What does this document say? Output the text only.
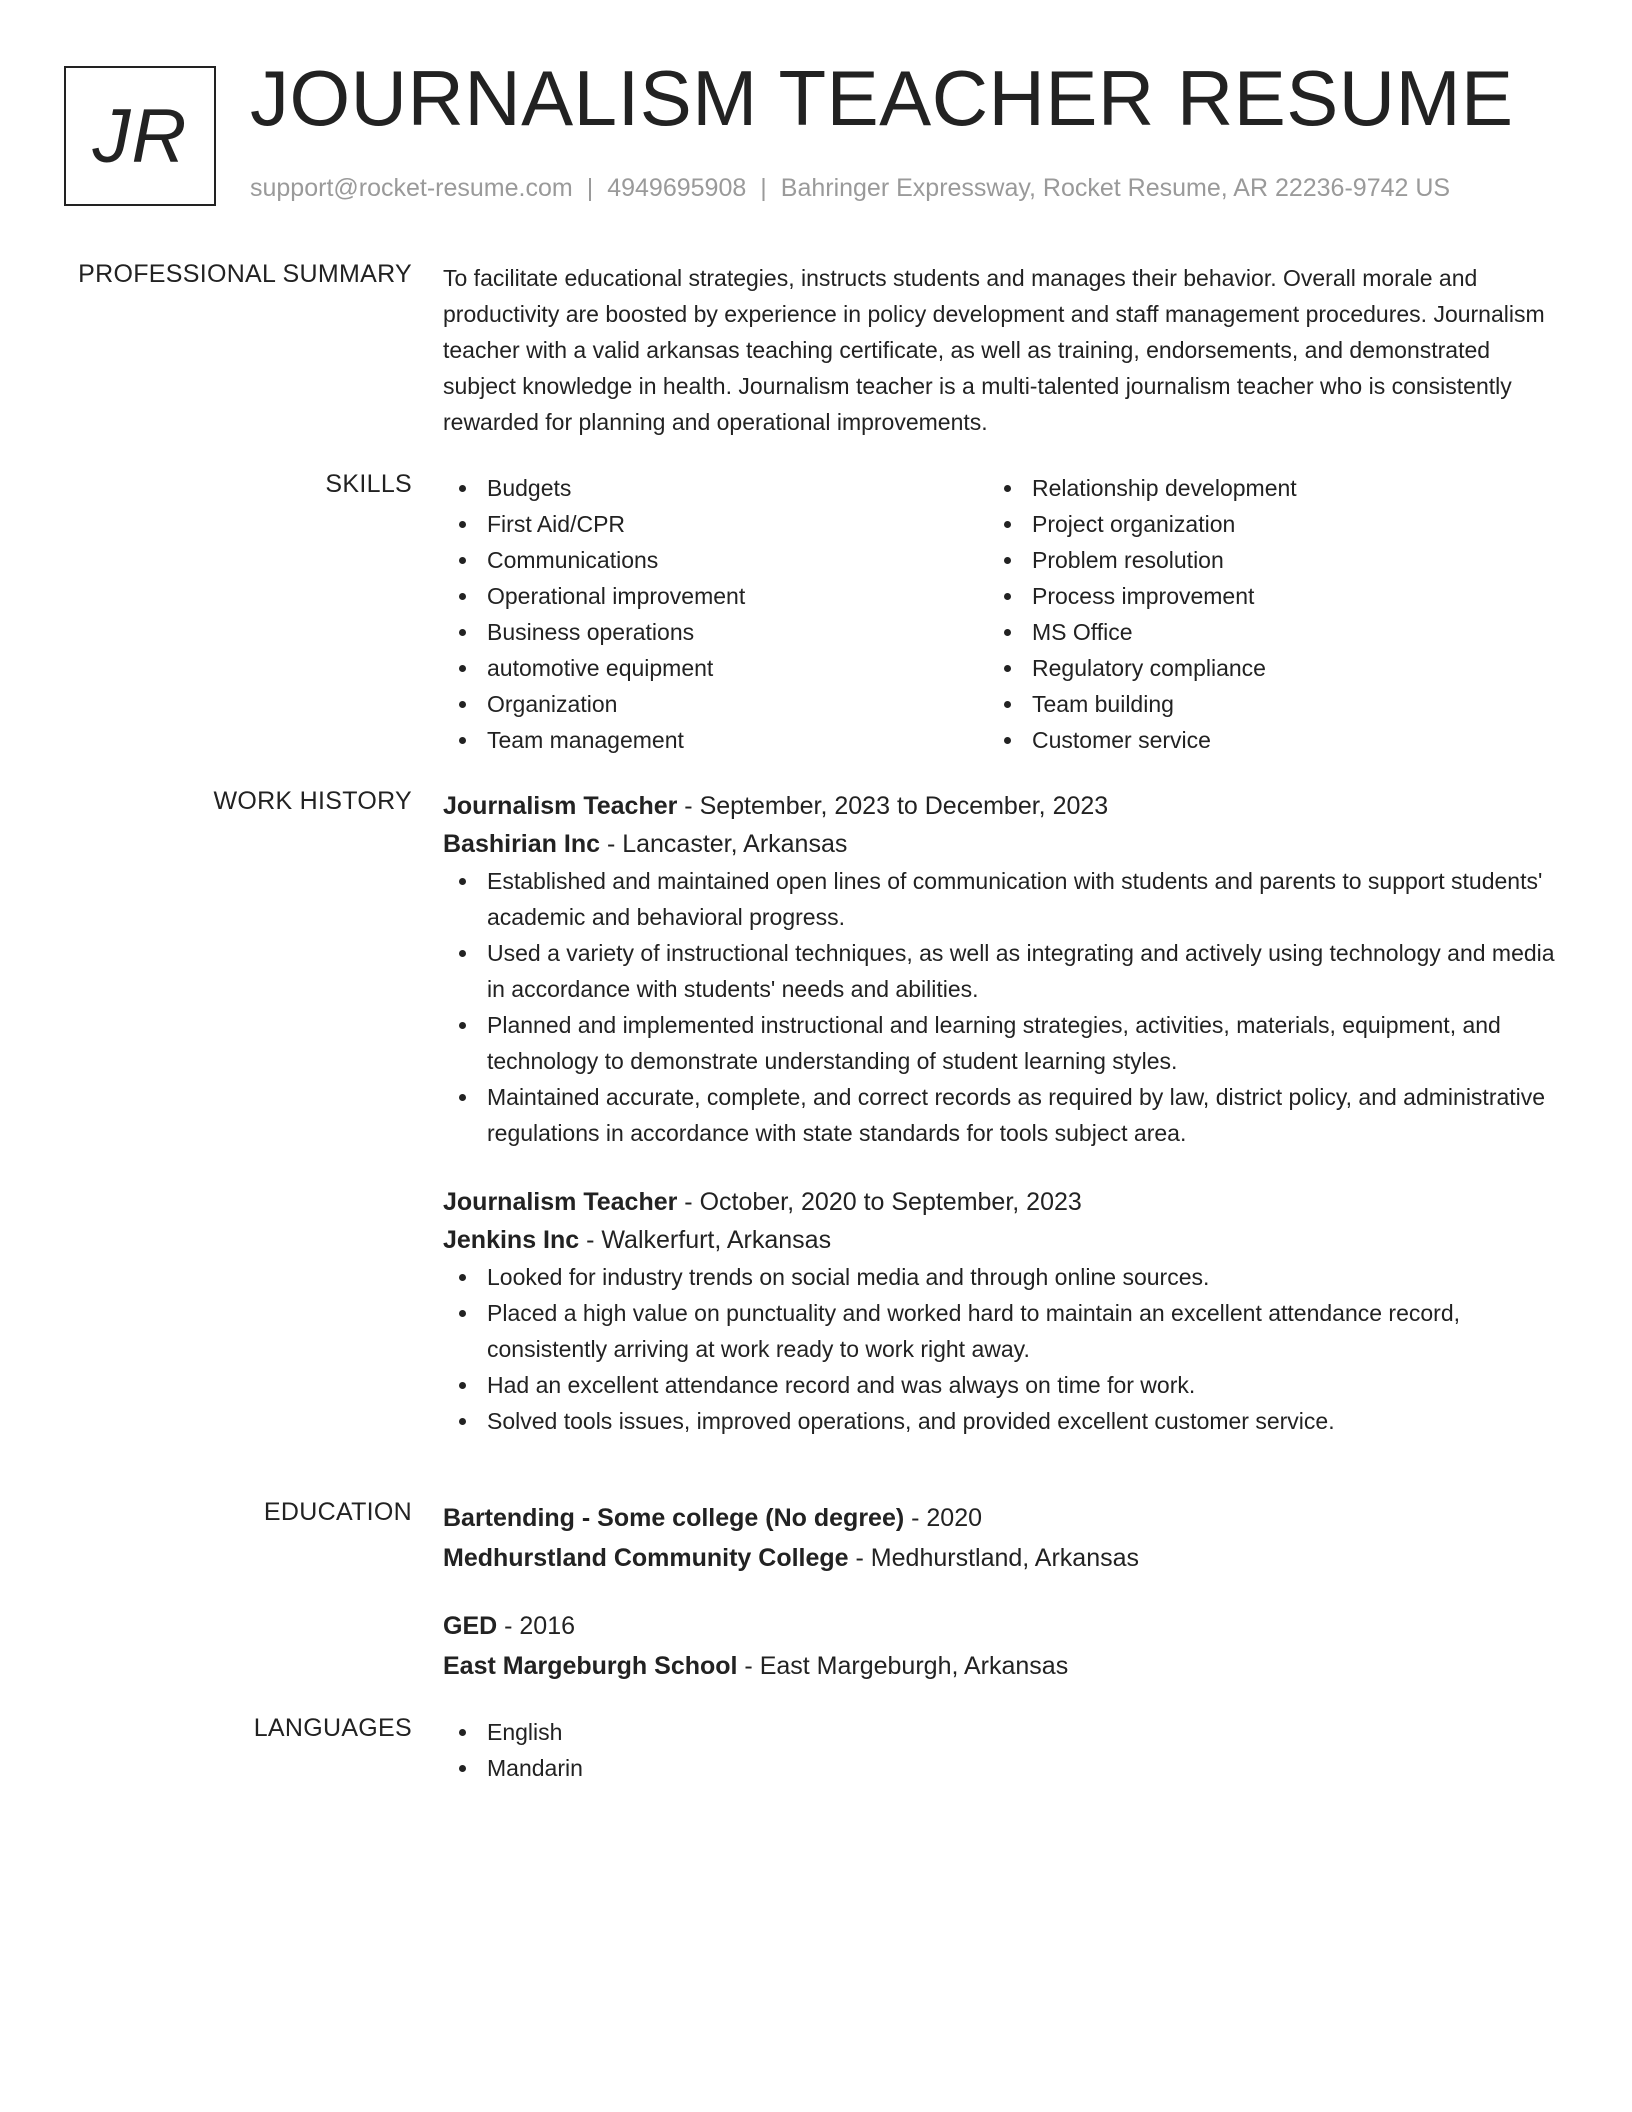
JR JOURNALISM TEACHER RESUME
support@rocket-resume.com | 4949695908 | Bahringer Expressway, Rocket Resume, AR 22236-9742 US
PROFESSIONAL SUMMARY To facilitate educational strategies, instructs students and manages their behavior. Overall morale and productivity are boosted by experience in policy development and staff management procedures. Journalism teacher with a valid arkansas teaching certificate, as well as training, endorsements, and demonstrated subject knowledge in health. Journalism teacher is a multi-talented journalism teacher who is consistently rewarded for planning and operational improvements.

SKILLS	Budgets
First Aid/CPR
Communications
Operational improvement
Business operations
automotive equipment
Organization
Team management
Relationship development
Project organization
Problem resolution
Process improvement
MS Office
Regulatory compliance
Team building
Customer service
WORK HISTORY Journalism Teacher - September, 2023 to December, 2023
Bashirian Inc - Lancaster, Arkansas
Established and maintained open lines of communication with students and parents to support students' academic and behavioral progress.
Used a variety of instructional techniques, as well as integrating and actively using technology and media in accordance with students' needs and abilities.
Planned and implemented instructional and learning strategies, activities, materials, equipment, and technology to demonstrate understanding of student learning styles.
Maintained accurate, complete, and correct records as required by law, district policy, and administrative regulations in accordance with state standards for tools subject area.
Journalism Teacher - October, 2020 to September, 2023
Jenkins Inc - Walkerfurt, Arkansas
Looked for industry trends on social media and through online sources.
Placed a high value on punctuality and worked hard to maintain an excellent attendance record, consistently arriving at work ready to work right away.
Had an excellent attendance record and was always on time for work.
Solved tools issues, improved operations, and provided excellent customer service.
EDUCATION Bartending - Some college (No degree) - 2020
Medhurstland Community College - Medhurstland, Arkansas
GED - 2016
East Margeburgh School - East Margeburgh, Arkansas
LANGUAGES	English
Mandarin
